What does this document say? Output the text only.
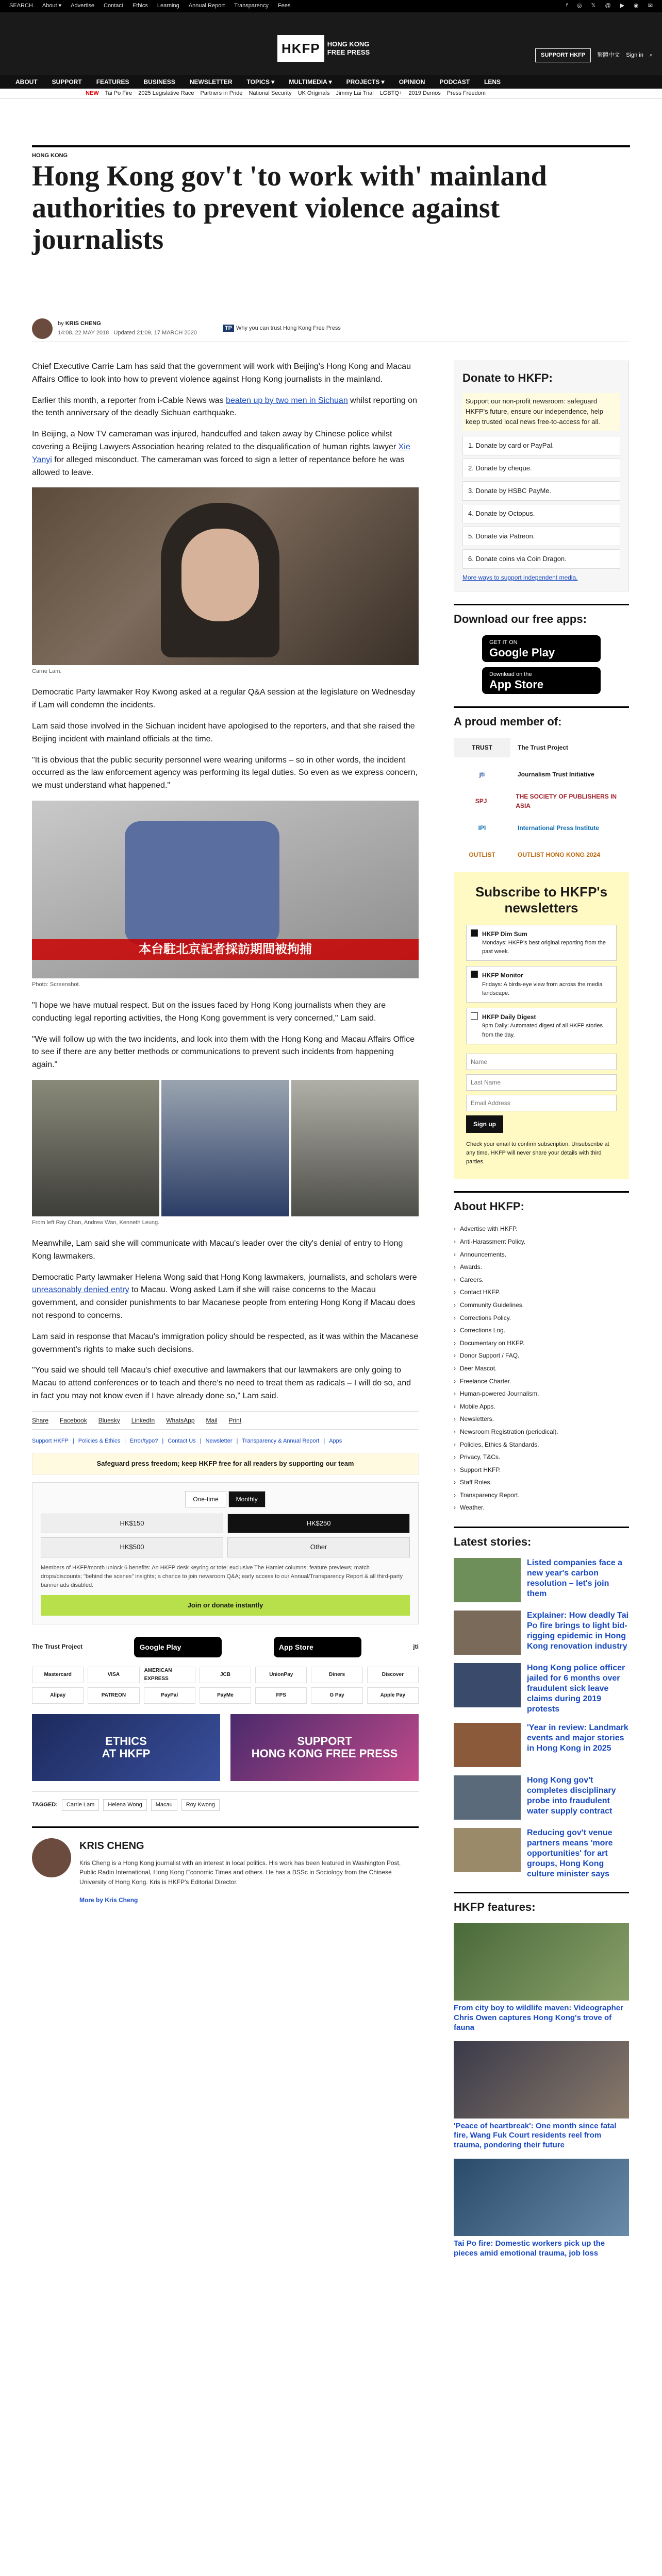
SEARCH About ▾ Advertise Contact Ethics Learning Annual Report Transparency Fees	f ◎ 𝕏 @ ▶ ◉ ✉
HKFP	HONG KONG
FREE PRESS	SUPPORT HKFP	繁體中文 Sign in ⌕
ABOUT SUPPORT FEATURES BUSINESS NEWSLETTER TOPICS ▾ MULTIMEDIA ▾ PROJECTS ▾ OPINION PODCAST LENS
NEW Tai Po Fire 2025 Legislative Race Partners in Pride National Security UK Originals Jimmy Lai Trial LGBTQ+ 2019 Demos Press Freedom
HONG KONG
Hong Kong gov't 'to work with' mainland authorities to prevent violence against journalists
by KRIS CHENG
14:08, 22 MAY 2018 Updated 21:09, 17 MARCH 2020
TP Why you can trust Hong Kong Free Press

Chief Executive Carrie Lam has said that the government will work with Beijing's Hong Kong and Macau Affairs Office to look into how to prevent violence against Hong Kong journalists in the mainland.

Earlier this month, a reporter from i-Cable News was beaten up by two men in Sichuan whilst reporting on the tenth anniversary of the deadly Sichuan earthquake.

In Beijing, a Now TV cameraman was injured, handcuffed and taken away by Chinese police whilst covering a Beijing Lawyers Association hearing related to the disqualification of human rights lawyer Xie Yanyi for alleged misconduct. The cameraman was forced to sign a letter of repentance before he was allowed to leave.

Carrie Lam.

Democratic Party lawmaker Roy Kwong asked at a regular Q&A session at the legislature on Wednesday if Lam will condemn the incidents.

Lam said those involved in the Sichuan incident have apologised to the reporters, and that she raised the Beijing incident with mainland officials at the time.

"It is obvious that the public security personnel were wearing uniforms – so in other words, the incident occurred as the law enforcement agency was performing its legal duties. So even as we express concern, we must understand what happened."

本台駐北京記者採訪期間被拘捕
Photo: Screenshot.

"I hope we have mutual respect. But on the issues faced by Hong Kong journalists when they are conducting legal reporting activities, the Hong Kong government is very concerned," Lam said.

"We will follow up with the two incidents, and look into them with the Hong Kong and Macau Affairs Office to see if there are any better methods or communications to prevent such incidents from happening again."

From left Ray Chan, Andrew Wan, Kenneth Leung.

Meanwhile, Lam said she will communicate with Macau's leader over the city's denial of entry to Hong Kong lawmakers.

Democratic Party lawmaker Helena Wong said that Hong Kong lawmakers, journalists, and scholars were unreasonably denied entry to Macau. Wong asked Lam if she will raise concerns to the Macau government, and consider punishments to bar Macanese people from entering Hong Kong if Macau does not respond to concerns.

Lam said in response that Macau's immigration policy should be respected, as it was within the Macanese government's rights to make such decisions.

"You said we should tell Macau's chief executive and lawmakers that our lawmakers are only going to Macau to attend conferences or to teach and there's no need to treat them as radicals – I will do so, and in fact you may not know even if I have already done so," Lam said.

Share Facebook Bluesky LinkedIn WhatsApp Mail Print
Support HKFP | Policies & Ethics | Error/typo? | Contact Us | Newsletter | Transparency & Annual Report | Apps
Safeguard press freedom; keep HKFP free for all readers by supporting our team
One-time	Monthly
HK$150	HK$250
HK$500	Other
Members of HKFP/month unlock 6 benefits: An HKFP desk keyring or tote; exclusive The Hamlet columns; feature previews; match drops/discounts; "behind the scenes" insights; a chance to join newsroom Q&A; early access to our Annual/Transparency Report & all third-party banner ads disabled.
Join or donate instantly
The Trust Project	Google Play	App Store	jti
Mastercard	VISA
AMERICAN EXPRESS
JCB	UnionPay	Diners	Discover
Alipay	PATREON	PayPal	PayMe	FPS	G Pay	Apple Pay
ETHICS
AT HKFP
SUPPORT
HONG KONG FREE PRESS
TAGGED:	Carrie Lam	Helena Wong	Macau	Roy Kwong
KRIS CHENG

Kris Cheng is a Hong Kong journalist with an interest in local politics. His work has been featured in Washington Post, Public Radio International, Hong Kong Economic Times and others. He has a BSSc in Sociology from the Chinese University of Hong Kong. Kris is HKFP's Editorial Director.

More by Kris Cheng

Donate to HKFP:
Support our non-profit newsroom: safeguard HKFP's future, ensure our independence, help keep trusted local news free-to-access for all.
1. Donate by card or PayPal.
2. Donate by cheque.
3. Donate by HSBC PayMe.
4. Donate by Octopus.
5. Donate via Patreon.
6. Donate coins via Coin Dragon.
More ways to support independent media.
Download our free apps:
GET IT ON
Google Play
Download on the
App Store
A proud member of:
TRUST	The Trust Project
jti	Journalism Trust Initiative
SPJ
THE SOCIETY OF PUBLISHERS IN ASIA
IPI	International Press Institute
OUTLIST	OUTLIST HONG KONG 2024
Subscribe to HKFP's newsletters
HKFP Dim Sum
Mondays: HKFP's best original reporting from the past week.
HKFP Monitor
Fridays: A birds-eye view from across the media landscape.
HKFP Daily Digest
9pm Daily: Automated digest of all HKFP stories from the day.
Name
Last Name
Email Address Sign up

Check your email to confirm subscription. Unsubscribe at any time. HKFP will never share your details with third parties.

About HKFP:
› Advertise with HKFP.
› Anti-Harassment Policy.
› Announcements.
› Awards.
› Careers.
› Contact HKFP.
› Community Guidelines.
› Corrections Policy.
› Corrections Log.
› Documentary on HKFP.
› Donor Support / FAQ.
› Deer Mascot.
› Freelance Charter.
› Human-powered Journalism.
› Mobile Apps.
› Newsletters.
› Newsroom Registration (periodical).
› Policies, Ethics & Standards.
› Privacy, T&Cs.
› Support HKFP.
› Staff Roles.
› Transparency Report.
› Weather.
Latest stories:
Listed companies face a new year's carbon resolution – let's join them
Explainer: How deadly Tai Po fire brings to light bid-rigging epidemic in Hong Kong renovation industry
Hong Kong police officer jailed for 6 months over fraudulent sick leave claims during 2019 protests
'Year in review: Landmark events and major stories in Hong Kong in 2025
Hong Kong gov't completes disciplinary probe into fraudulent water supply contract
Reducing gov't venue partners means 'more opportunities' for art groups, Hong Kong culture minister says
HKFP features:
From city boy to wildlife maven: Videographer Chris Owen captures Hong Kong's trove of fauna
'Peace of heartbreak': One month since fatal fire, Wang Fuk Court residents reel from trauma, pondering their future
Tai Po fire: Domestic workers pick up the pieces amid emotional trauma, job loss
